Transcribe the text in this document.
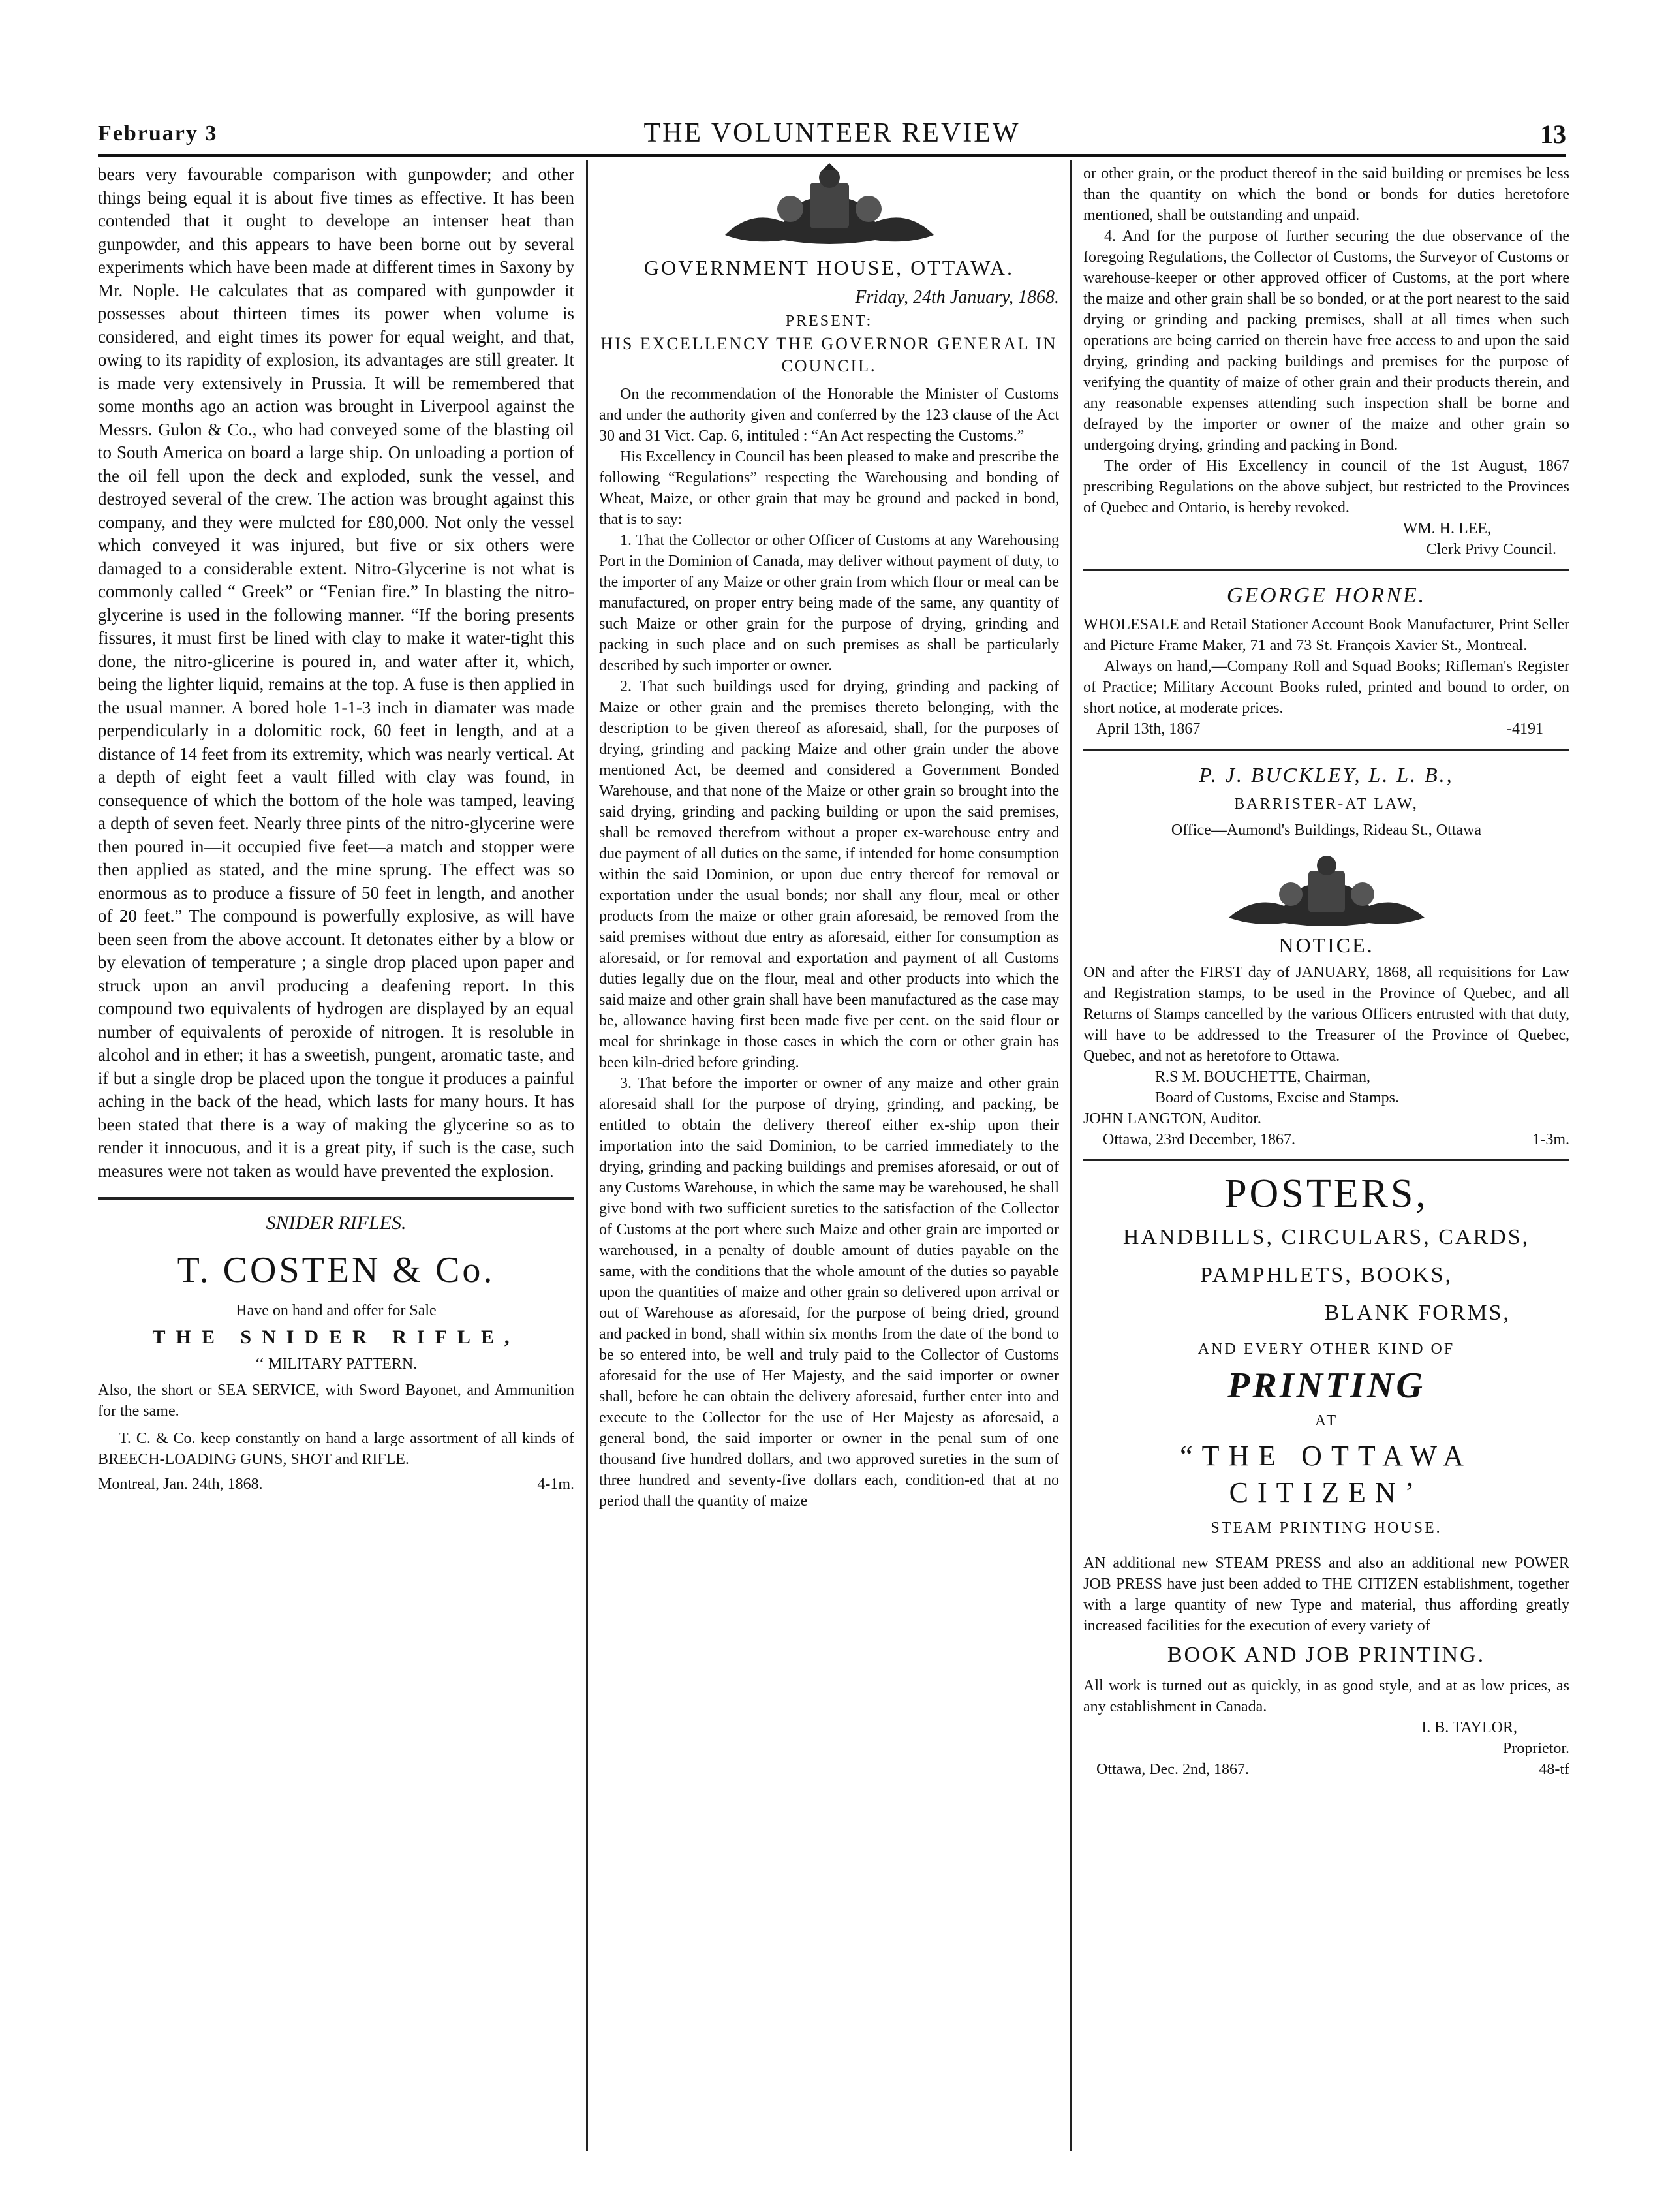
February 3	THE VOLUNTEER REVIEW	13

bears very favourable comparison with gunpowder; and other things being equal it is about five times as effective. It has been contended that it ought to develope an intenser heat than gunpowder, and this appears to have been borne out by several experiments which have been made at different times in Saxony by Mr. Nople. He calculates that as compared with gunpowder it possesses about thirteen times its power when volume is considered, and eight times its power for equal weight, and that, owing to its rapidity of explosion, its advantages are still greater. It is made very extensively in Prussia. It will be remembered that some months ago an action was brought in Liverpool against the Messrs. Gulon & Co., who had conveyed some of the blasting oil to South America on board a large ship. On unloading a portion of the oil fell upon the deck and exploded, sunk the vessel, and destroyed several of the crew. The action was brought against this company, and they were mulcted for £80,000. Not only the vessel which conveyed it was injured, but five or six others were damaged to a considerable extent. Nitro-Glycerine is not what is commonly called “ Greek” or “Fenian fire.” In blasting the nitro-glycerine is used in the following manner. “If the boring presents fissures, it must first be lined with clay to make it water-tight this done, the nitro-glicerine is poured in, and water after it, which, being the lighter liquid, remains at the top. A fuse is then applied in the usual manner. A bored hole 1-1-3 inch in diamater was made perpendicularly in a dolomitic rock, 60 feet in length, and at a distance of 14 feet from its extremity, which was nearly vertical. At a depth of eight feet a vault filled with clay was found, in consequence of which the bottom of the hole was tamped, leaving a depth of seven feet. Nearly three pints of the nitro-glycerine were then poured in—it occupied five feet—a match and stopper were then applied as stated, and the mine sprung. The effect was so enormous as to produce a fissure of 50 feet in length, and another of 20 feet.” The compound is powerfully explosive, as will have been seen from the above account. It detonates either by a blow or by elevation of temperature ; a single drop placed upon paper and struck upon an anvil producing a deafening report. In this compound two equivalents of hydrogen are displayed by an equal number of equivalents of peroxide of nitrogen. It is resoluble in alcohol and in ether; it has a sweetish, pungent, aromatic taste, and if but a single drop be placed upon the tongue it produces a painful aching in the back of the head, which lasts for many hours. It has been stated that there is a way of making the glycerine so as to render it innocuous, and it is a great pity, if such is the case, such measures were not taken as would have prevented the explosion.

SNIDER RIFLES.

T. COSTEN & Co.

Have on hand and offer for Sale

THE SNIDER RIFLE,

‘‘ MILITARY PATTERN.

Also, the short or SEA SERVICE, with Sword Bayonet, and Ammunition for the same.

T. C. & Co. keep constantly on hand a large assortment of all kinds of BREECH-LOADING GUNS, SHOT and RIFLE.

Montreal, Jan. 24th, 1868.	4-1m.

GOVERNMENT HOUSE, OTTAWA.

Friday, 24th January, 1868.

PRESENT:

HIS EXCELLENCY THE GOVERNOR GENERAL IN COUNCIL.

On the recommendation of the Honorable the Minister of Customs and under the authority given and conferred by the 123 clause of the Act 30 and 31 Vict. Cap. 6, intituled : “An Act respecting the Customs.”

His Excellency in Council has been pleased to make and prescribe the following “Regulations” respecting the Warehousing and bonding of Wheat, Maize, or other grain that may be ground and packed in bond, that is to say:

1. That the Collector or other Officer of Customs at any Warehousing Port in the Dominion of Canada, may deliver without payment of duty, to the importer of any Maize or other grain from which flour or meal can be manufactured, on proper entry being made of the same, any quantity of such Maize or other grain for the purpose of drying, grinding and packing in such place and on such premises as shall be particularly described by such importer or owner.

2. That such buildings used for drying, grinding and packing of Maize or other grain and the premises thereto belonging, with the description to be given thereof as aforesaid, shall, for the purposes of drying, grinding and packing Maize and other grain under the above mentioned Act, be deemed and considered a Government Bonded Warehouse, and that none of the Maize or other grain so brought into the said drying, grinding and packing building or upon the said premises, shall be removed therefrom without a proper ex-warehouse entry and due payment of all duties on the same, if intended for home consumption within the said Dominion, or upon due entry thereof for removal or exportation under the usual bonds; nor shall any flour, meal or other products from the maize or other grain aforesaid, be removed from the said premises without due entry as aforesaid, either for consumption as aforesaid, or for removal and exportation and payment of all Customs duties legally due on the flour, meal and other products into which the said maize and other grain shall have been manufactured as the case may be, allowance having first been made five per cent. on the said flour or meal for shrinkage in those cases in which the corn or other grain has been kiln-dried before grinding.

3. That before the importer or owner of any maize and other grain aforesaid shall for the purpose of drying, grinding, and packing, be entitled to obtain the delivery thereof either ex-ship upon their importation into the said Dominion, to be carried immediately to the drying, grinding and packing buildings and premises aforesaid, or out of any Customs Warehouse, in which the same may be warehoused, he shall give bond with two sufficient sureties to the satisfaction of the Collector of Customs at the port where such Maize and other grain are imported or warehoused, in a penalty of double amount of duties payable on the same, with the conditions that the whole amount of the duties so payable upon the quantities of maize and other grain so delivered upon arrival or out of Warehouse as aforesaid, for the purpose of being dried, ground and packed in bond, shall within six months from the date of the bond to be so entered into, be well and truly paid to the Collector of Customs aforesaid for the use of Her Majesty, and the said importer or owner shall, before he can obtain the delivery aforesaid, further enter into and execute to the Collector for the use of Her Majesty as aforesaid, a general bond, the said importer or owner in the penal sum of one thousand five hundred dollars, and two approved sureties in the sum of three hundred and seventy-five dollars each, condition-ed that at no period thall the quantity of maize

or other grain, or the product thereof in the said building or premises be less than the quantity on which the bond or bonds for duties heretofore mentioned, shall be outstanding and unpaid.

4. And for the purpose of further securing the due observance of the foregoing Regulations, the Collector of Customs, the Surveyor of Customs or warehouse-keeper or other approved officer of Customs, at the port where the maize and other grain shall be so bonded, or at the port nearest to the said drying or grinding and packing premises, shall at all times when such operations are being carried on therein have free access to and upon the said drying, grinding and packing buildings and premises for the purpose of verifying the quantity of maize of other grain and their products therein, and any reasonable expenses attending such inspection shall be borne and defrayed by the importer or owner of the maize and other grain so undergoing drying, grinding and packing in Bond.

The order of His Excellency in council of the 1st August, 1867 prescribing Regulations on the above subject, but restricted to the Provinces of Quebec and Ontario, is hereby revoked.

WM. H. LEE,

Clerk Privy Council.

GEORGE HORNE.

WHOLESALE and Retail Stationer Account Book Manufacturer, Print Seller and Picture Frame Maker, 71 and 73 St. François Xavier St., Montreal.

Always on hand,—Company Roll and Squad Books; Rifleman's Register of Practice; Military Account Books ruled, printed and bound to order, on short notice, at moderate prices.

April 13th, 1867	-4191

P. J. BUCKLEY, L. L. B.,

BARRISTER-AT LAW,

Office—Aumond's Buildings, Rideau St., Ottawa

NOTICE.

ON and after the FIRST day of JANUARY, 1868, all requisitions for Law and Registration stamps, to be used in the Province of Quebec, and all Returns of Stamps cancelled by the various Officers entrusted with that duty, will have to be addressed to the Treasurer of the Province of Quebec, Quebec, and not as heretofore to Ottawa.

R.S M. BOUCHETTE, Chairman,

Board of Customs, Excise and Stamps.

JOHN LANGTON, Auditor.

Ottawa, 23rd December, 1867.	1-3m.

POSTERS,

HANDBILLS, CIRCULARS, CARDS,

PAMPHLETS, BOOKS,

BLANK FORMS,

AND EVERY OTHER KIND OF

PRINTING

AT

“THE OTTAWA CITIZEN’

STEAM PRINTING HOUSE.

AN additional new STEAM PRESS and also an additional new POWER JOB PRESS have just been added to THE CITIZEN establishment, together with a large quantity of new Type and material, thus affording greatly increased facilities for the execution of every variety of

BOOK AND JOB PRINTING.

All work is turned out as quickly, in as good style, and at as low prices, as any establishment in Canada.

I. B. TAYLOR,

Proprietor.

Ottawa, Dec. 2nd, 1867.	48-tf
